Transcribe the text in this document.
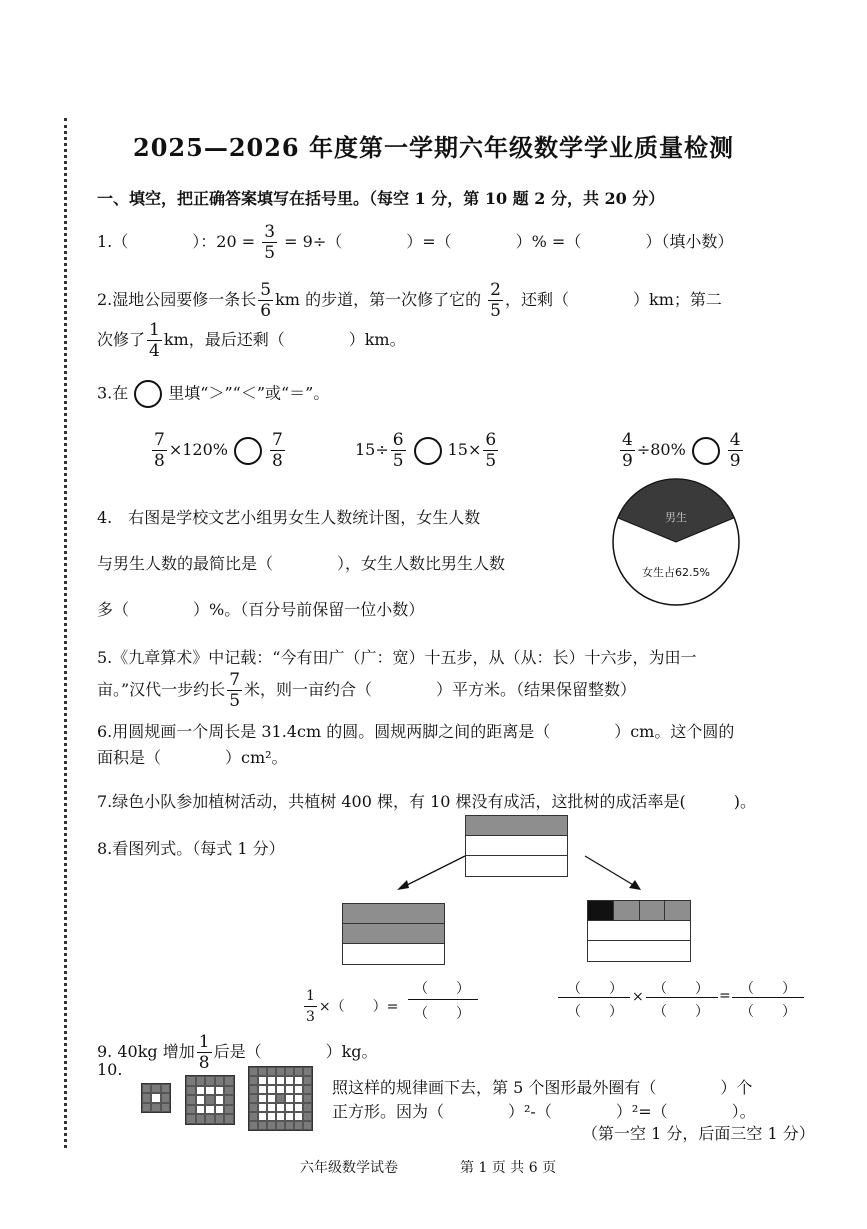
2025—2026 年度第一学期六年级数学学业质量检测
一、填空，把正确答案填写在括号里。（每空 1 分，第 10 题 2 分，共 20 分）
1.（　　　　）：$20 = \frac{3}{5} = 9\div$（　　　　）=（　　　　）% =（　　　　）（填小数）
2.湿地公园要修一条长 $\frac{5}{6}$ km 的步道，第一次修了它的 $\frac{2}{5}$ ，还剩（　　　　）km；第二
次修了 $\frac{1}{4}$ km，最后还剩（　　　　）km。
3.在	里填“＞”“＜”或“＝”。
$\frac{7}{8} \times 120\% \frac{7}{8}$	$15\div \frac{6}{5}$	$15\times \frac{6}{5}$	$\frac{4}{9} \div 80\% \frac{4}{9}$
4.　右图是学校文艺小组男女生人数统计图，女生人数
与男生人数的最简比是（　　　　），女生人数比男生人数
多（　　　　）%。（百分号前保留一位小数）
男生
女生占62.5%
5.《九章算术》中记载：“今有田广（广：宽）十五步，从（从：长）十六步，为田一
亩。”汉代一步约长 $\frac{7}{5}$ 米，则一亩约合（　　　　）平方米。（结果保留整数）
6.用圆规画一个周长是 31.4cm 的圆。圆规两脚之间的距离是（　　　　）cm。这个圆的
面积是（　　　　）cm²。
7.绿色小队参加植树活动，共植树 400 棵，有 10 棵没有成活，这批树的成活率是(　　　)。
8.看图列式。（每式 1 分）
$\frac{1}{3}$ ×（　　）=
（　　）
（　　）
（　　）
（　　）
× （　　）
（　　）
= （　　）
（　　）
9. 40kg 增加 $\frac{1}{8}$ 后是（　　　　）kg。
10.
照这样的规律画下去，第 5 个图形最外圈有（　　　　）个
正方形。因为（　　　　）²-（　　　　）²=（　　　　）。
（第一空 1 分，后面三空 1 分）
六年级数学试卷	第 1 页 共 6 页
